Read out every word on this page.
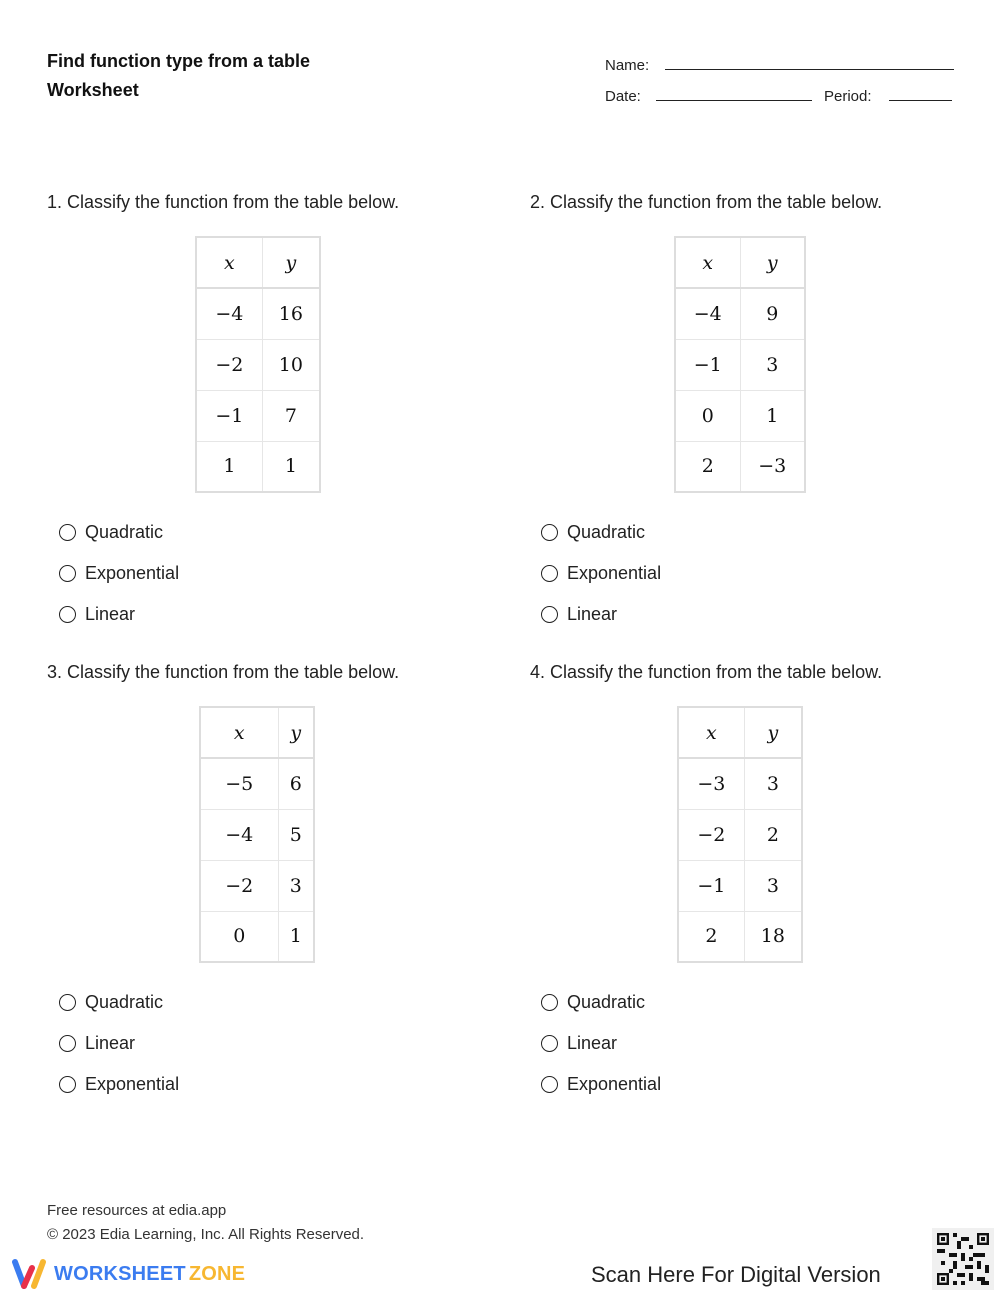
Find function type from a table
Worksheet
Name:
Date:	Period:
1. Classify the function from the table below.
x	y
−4	16
−2	10
−1	7
1	1
Quadratic
Exponential
Linear
2. Classify the function from the table below.
x	y
−4	9
−1	3
0	1
2	−3
Quadratic
Exponential
Linear
3. Classify the function from the table below.
x	y
−5	6
−4	5
−2	3
0	1
Quadratic
Linear
Exponential
4. Classify the function from the table below.
x	y
−3	3
−2	2
−1	3
2	18
Quadratic
Linear
Exponential
Free resources at edia.app
© 2023 Edia Learning, Inc. All Rights Reserved.
WORKSHEET ZONE	Scan Here For Digital Version
